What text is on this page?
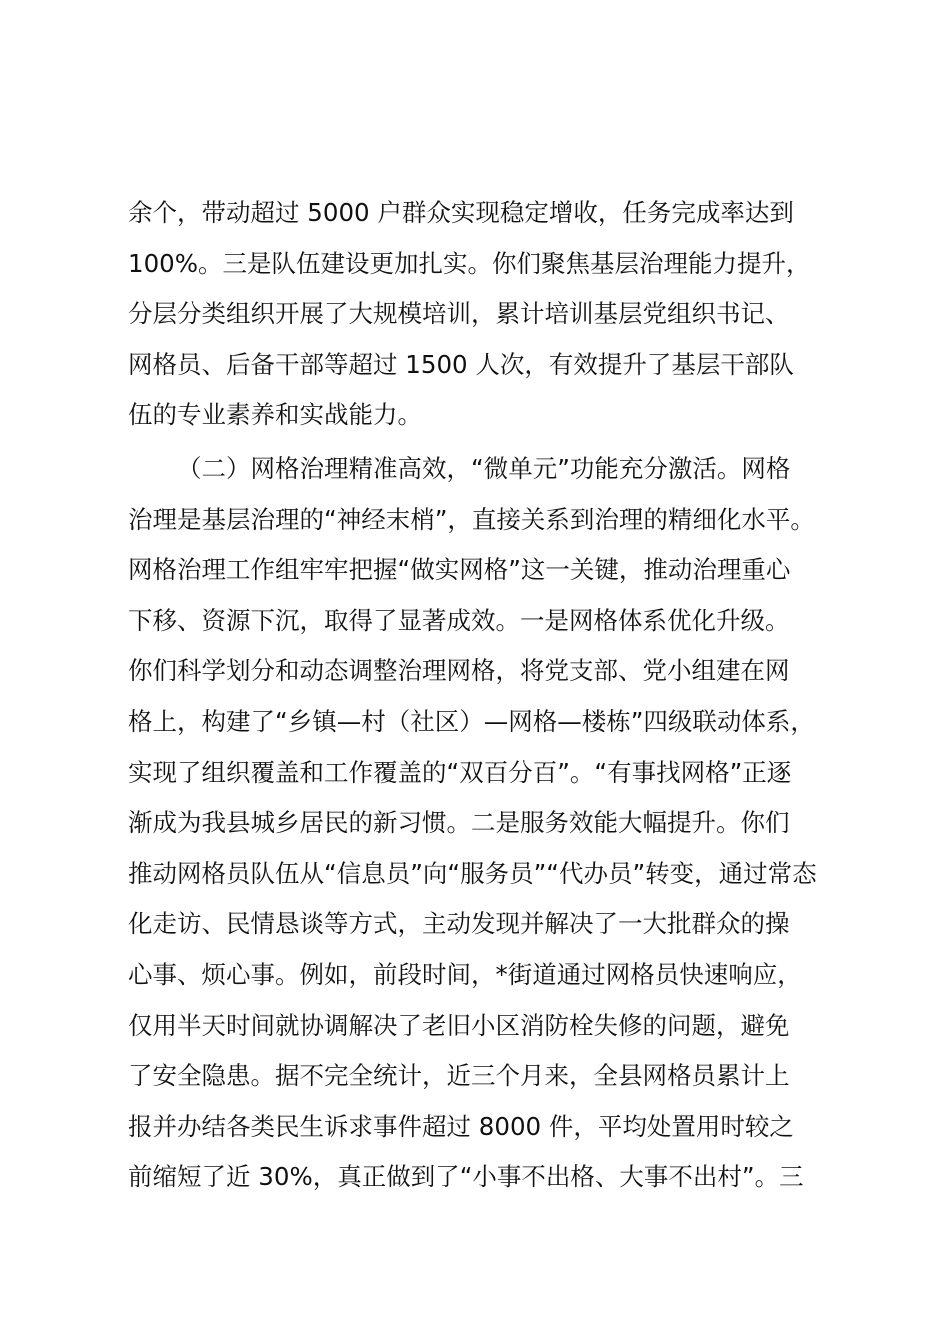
余个，带动超过 5000 户群众实现稳定增收，任务完成率达到
100%。三是队伍建设更加扎实。你们聚焦基层治理能力提升，
分层分类组织开展了大规模培训，累计培训基层党组织书记、
网格员、后备干部等超过 1500 人次，有效提升了基层干部队
伍的专业素养和实战能力。
（二）网格治理精准高效，“微单元”功能充分激活。网格
治理是基层治理的“神经末梢”，直接关系到治理的精细化水平。
网格治理工作组牢牢把握“做实网格”这一关键，推动治理重心
下移、资源下沉，取得了显著成效。一是网格体系优化升级。
你们科学划分和动态调整治理网格，将党支部、党小组建在网
格上，构建了“乡镇—村（社区）—网格—楼栋”四级联动体系，
实现了组织覆盖和工作覆盖的“双百分百”。“有事找网格”正逐
渐成为我县城乡居民的新习惯。二是服务效能大幅提升。你们
推动网格员队伍从“信息员”向“服务员”“代办员”转变，通过常态
化走访、民情恳谈等方式，主动发现并解决了一大批群众的操
心事、烦心事。例如，前段时间，*街道通过网格员快速响应，
仅用半天时间就协调解决了老旧小区消防栓失修的问题，避免
了安全隐患。据不完全统计，近三个月来，全县网格员累计上
报并办结各类民生诉求事件超过 8000 件，平均处置用时较之
前缩短了近 30%，真正做到了“小事不出格、大事不出村”。三
